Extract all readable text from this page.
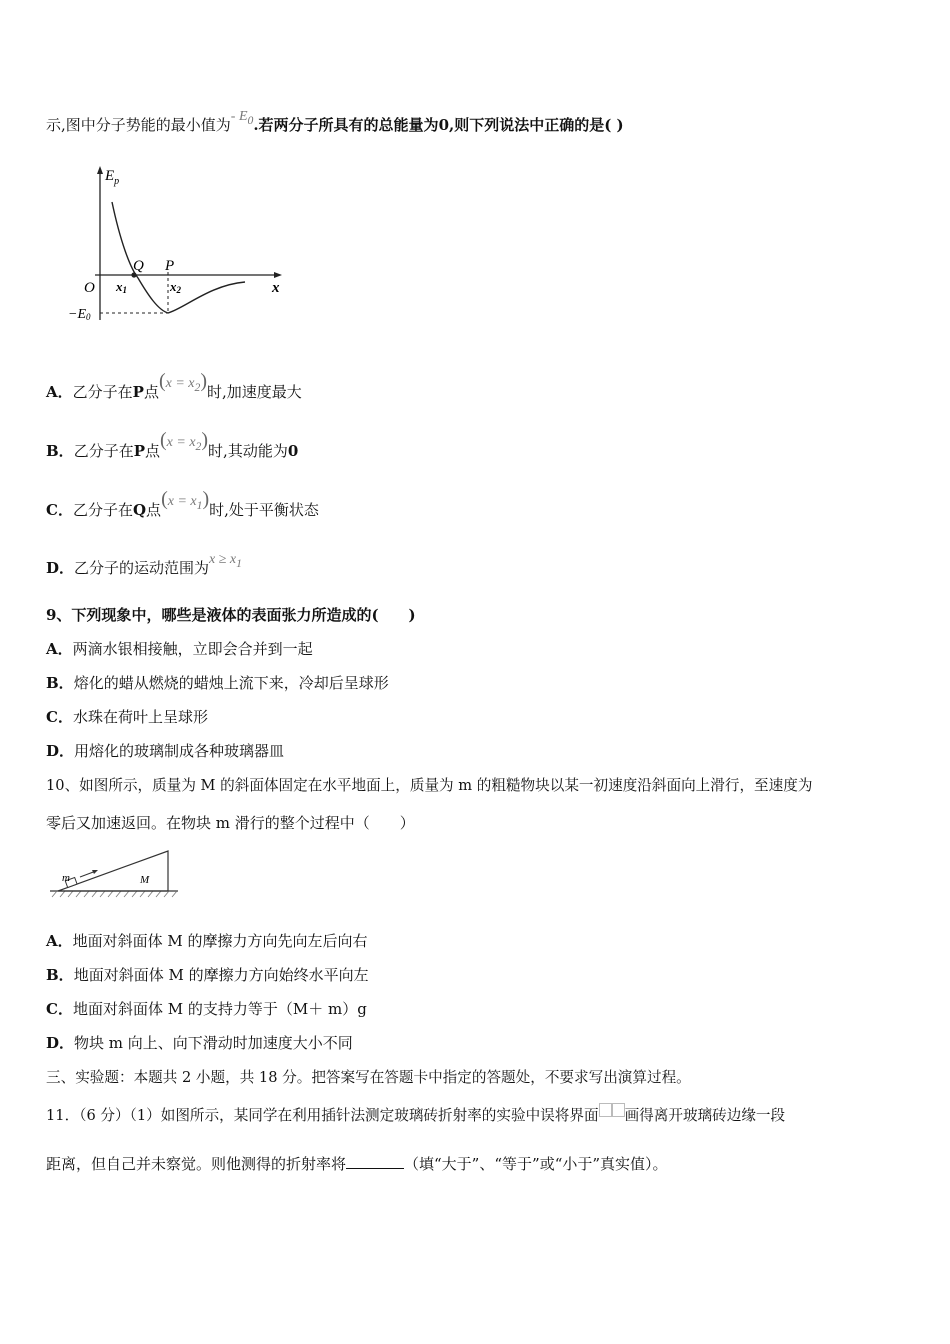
示,图中分子势能的最小值为- $E_0$.若两分子所具有的总能量为0,则下列说法中正确的是( )
$E_p$
x
O
Q P
x1	x2
−E0
A．乙分子在P点$(x = x_2)$时,加速度最大
B．乙分子在P点$(x = x_2)$时,其动能为0
C．乙分子在Q点$(x = x_1)$时,处于平衡状态
D．乙分子的运动范围为$x \ge x_1$
9、下列现象中，哪些是液体的表面张力所造成的(　　)
A．两滴水银相接触，立即会合并到一起
B．熔化的蜡从燃烧的蜡烛上流下来，冷却后呈球形
C．水珠在荷叶上呈球形
D．用熔化的玻璃制成各种玻璃器皿
10、如图所示，质量为 M 的斜面体固定在水平地面上，质量为 m 的粗糙物块以某一初速度沿斜面向上滑行，至速度为
零后又加速返回。在物块 m 滑行的整个过程中（　　）
m	M
A．地面对斜面体 M 的摩擦力方向先向左后向右
B．地面对斜面体 M 的摩擦力方向始终水平向左
C．地面对斜面体 M 的支持力等于（M＋ m）g
D．物块 m 向上、向下滑动时加速度大小不同
三、实验题：本题共 2 小题，共 18 分。把答案写在答题卡中指定的答题处，不要求写出演算过程。
11．（6 分）（1）如图所示，某同学在利用插针法测定玻璃砖折射率的实验中误将界面 画得离开玻璃砖边缘一段
距离，但自己并未察觉。则他测得的折射率将	（填“大于”、“等于”或“小于”真实值）。
